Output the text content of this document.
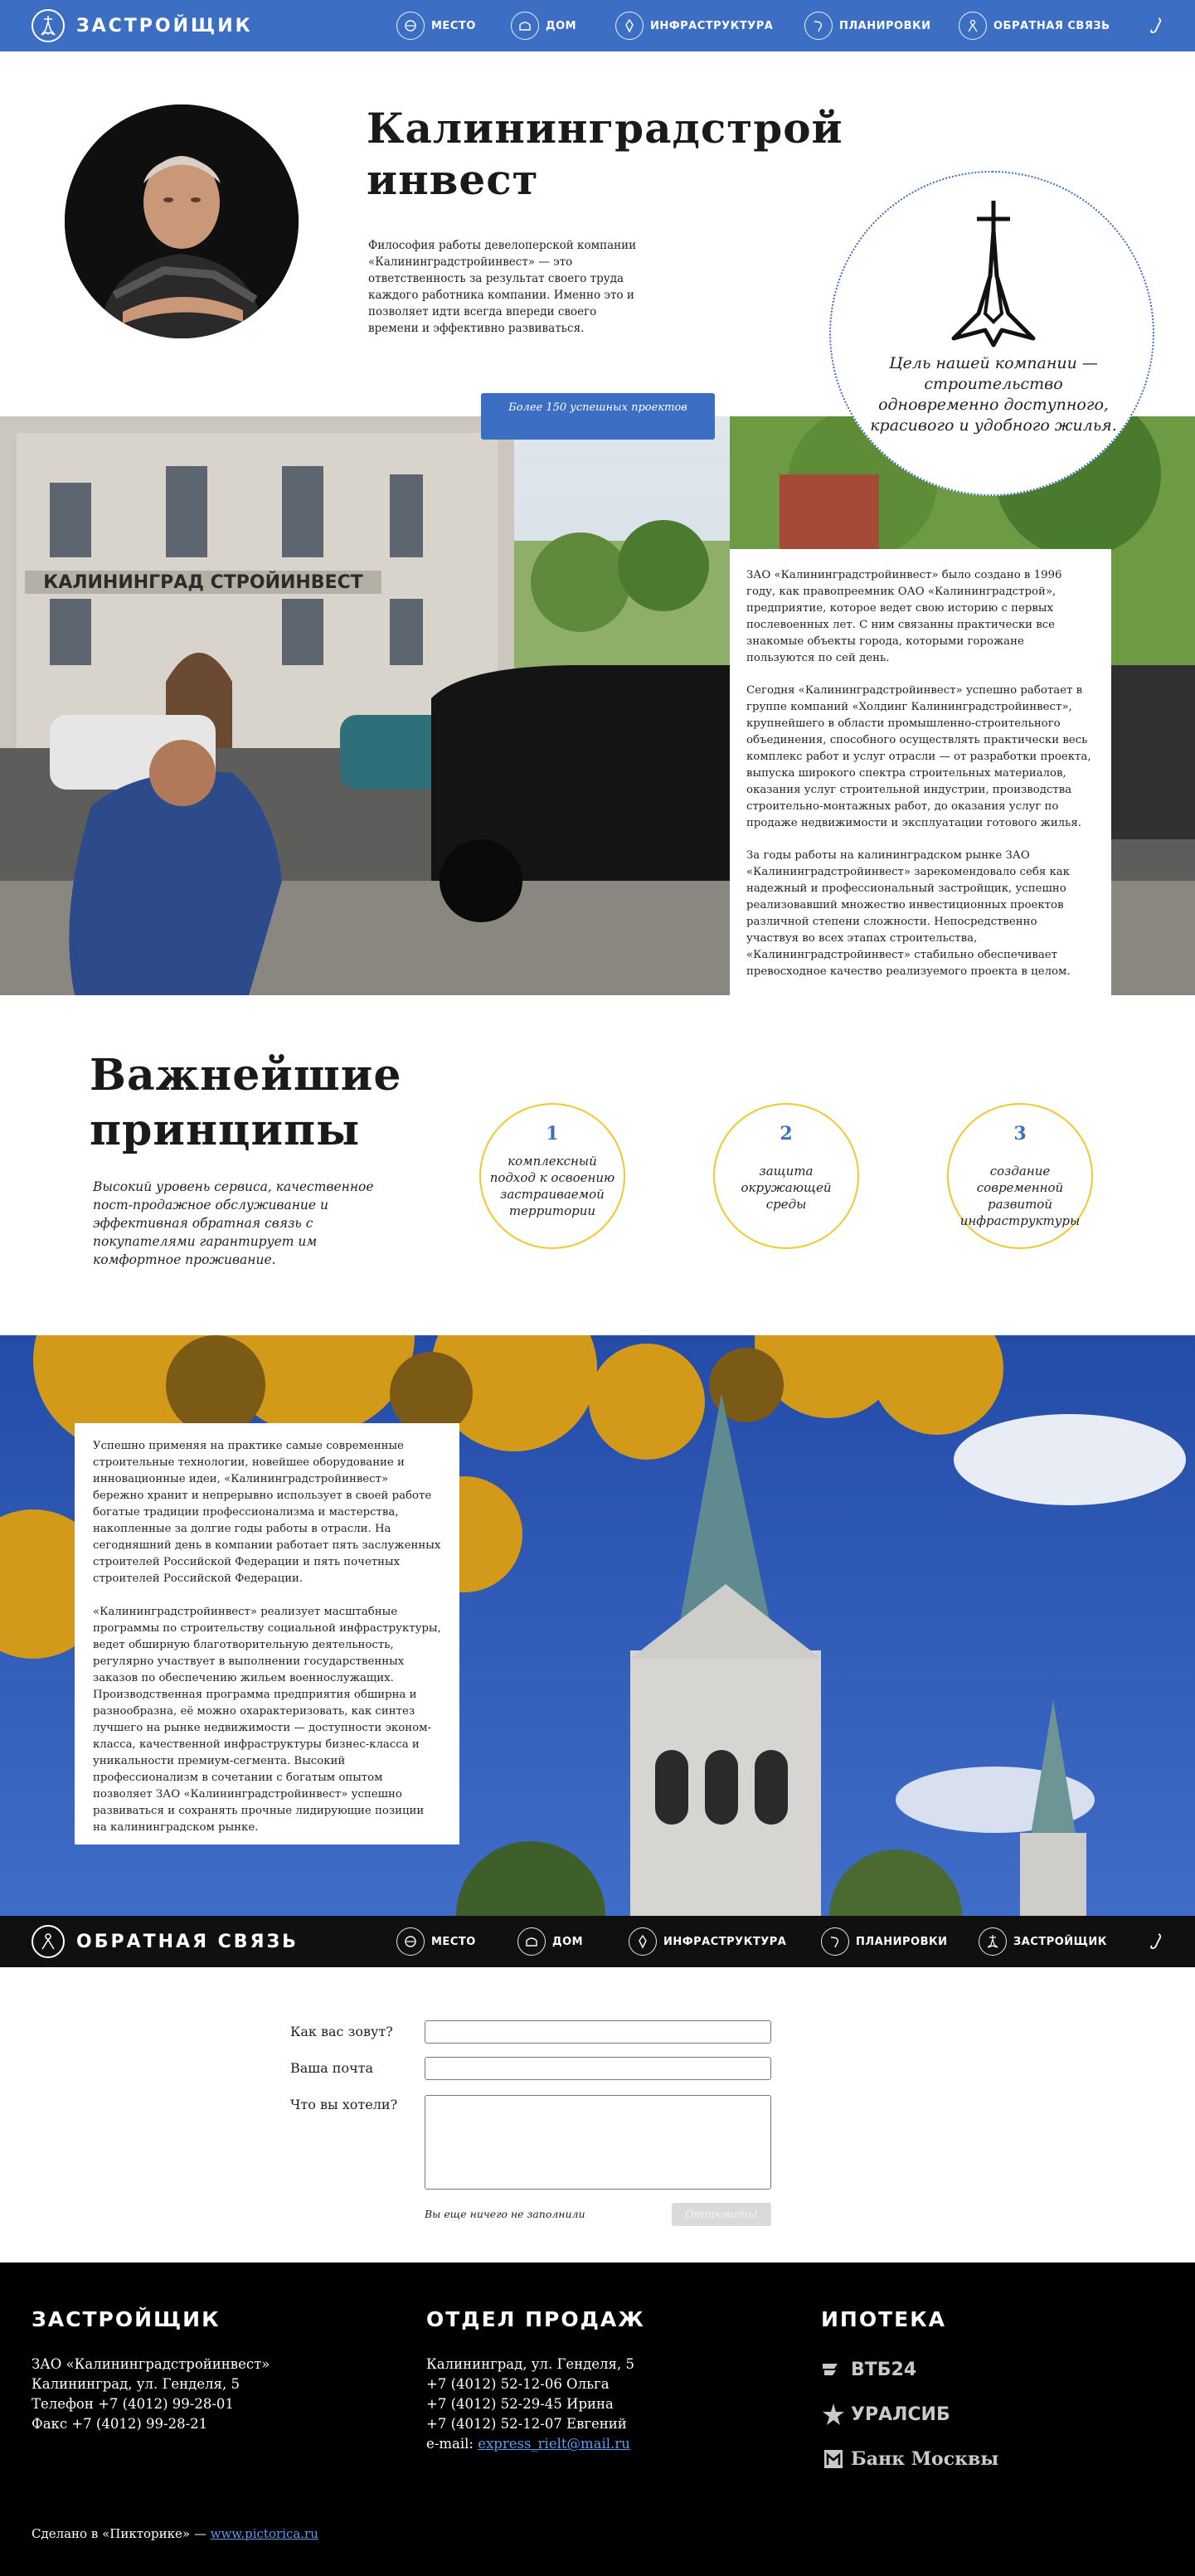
ЗАСТРОЙЩИК	МЕСТО	ДОМ	ИНФРАСТРУКТУРА	ПЛАНИРОВКИ	ОБРАТНАЯ СВЯЗЬ
Калининградстрой
инвест

Философия работы девелоперской компании «Калининградстройинвест» — это ответственность за результат своего труда каждого работника компании. Именно это и позволяет идти всегда впереди своего времени и эффективно развиваться.

Цель нашей компании — строительство одновременно доступного, красивого и удобного жилья.

Более 150 успешных проектов
КАЛИНИНГРАД СТРОЙИНВЕСТ	ЗАО «Калининградстройинвест» было создано в 1996 году, как правопреемник ОАО «Калининградстрой», предприятие, которое ведет свою историю с первых послевоенных лет. С ним связанны практически все знакомые объекты города, которыми горожане пользуются по сей день.

Сегодня «Калининградстройинвест» успешно работает в группе компаний «Холдинг Калининградстройинвест», крупнейшего в области промышленно-строительного объединения, способного осуществлять практически весь комплекс работ и услуг отрасли — от разработки проекта, выпуска широкого спектра строительных материалов, оказания услуг строительной индустрии, производства строительно-монтажных работ, до оказания услуг по продаже недвижимости и эксплуатации готового жилья.

За годы работы на калининградском рынке ЗАО «Калининградстройинвест» зарекомендовало себя как надежный и профессиональный застройщик, успешно реализовавший множество инвестиционных проектов различной степени сложности. Непосредственно участвуя во всех этапах строительства, «Калининградстройинвест» стабильно обеспечивает превосходное качество реализуемого проекта в целом.

Важнейшие
принципы

Высокий уровень сервиса, качественное пост-продажное обслуживание и эффективная обратная связь с покупателями гарантирует им комфортное проживание.

1
комплексный подход к освоению застраиваемой территории
2
защита окружающей среды
3
создание современной развитой инфраструктуры

Успешно применяя на практике самые современные строительные технологии, новейшее оборудование и инновационные идеи, «Калининградстройинвест» бережно хранит и непрерывно использует в своей работе богатые традиции профессионализма и мастерства, накопленные за долгие годы работы в отрасли. На сегодняшний день в компании работает пять заслуженных строителей Российской Федерации и пять почетных строителей Российской Федерации.

«Калининградстройинвест» реализует масштабные программы по строительству социальной инфраструктуры, ведет обширную благотворительную деятельность, регулярно участвует в выполнении государственных заказов по обеспечению жильем военнослужащих. Производственная программа предприятия обширна и разнообразна, её можно охарактеризовать, как синтез лучшего на рынке недвижимости — доступности эконом-класса, качественной инфраструктуры бизнес-класса и уникальности премиум-сегмента. Высокий профессионализм в сочетании с богатым опытом позволяет ЗАО «Калининградстройинвест» успешно развиваться и сохранять прочные лидирующие позиции на калининградском рынке.

ОБРАТНАЯ СВЯЗЬ	МЕСТО	ДОМ	ИНФРАСТРУКТУРА	ПЛАНИРОВКИ	ЗАСТРОЙЩИК
Как вас зовут?
Ваша почта
Что вы хотели?
Вы еще ничего не заполнили	Отправить!
ЗАСТРОЙЩИК
ЗАО «Калининградстройинвест»
Калининград, ул. Генделя, 5
Телефон +7 (4012) 99-28-01
Факс +7 (4012) 99-28-21
ОТДЕЛ ПРОДАЖ
Калининград, ул. Генделя, 5
+7 (4012) 52-12-06 Ольга
+7 (4012) 52-29-45 Ирина
+7 (4012) 52-12-07 Евгений
e-mail: express_rielt@mail.ru
ИПОТЕКА
ВТБ24
УРАЛСИБ
Банк Москвы
Сделано в «Пикторике» — www.pictorica.ru
